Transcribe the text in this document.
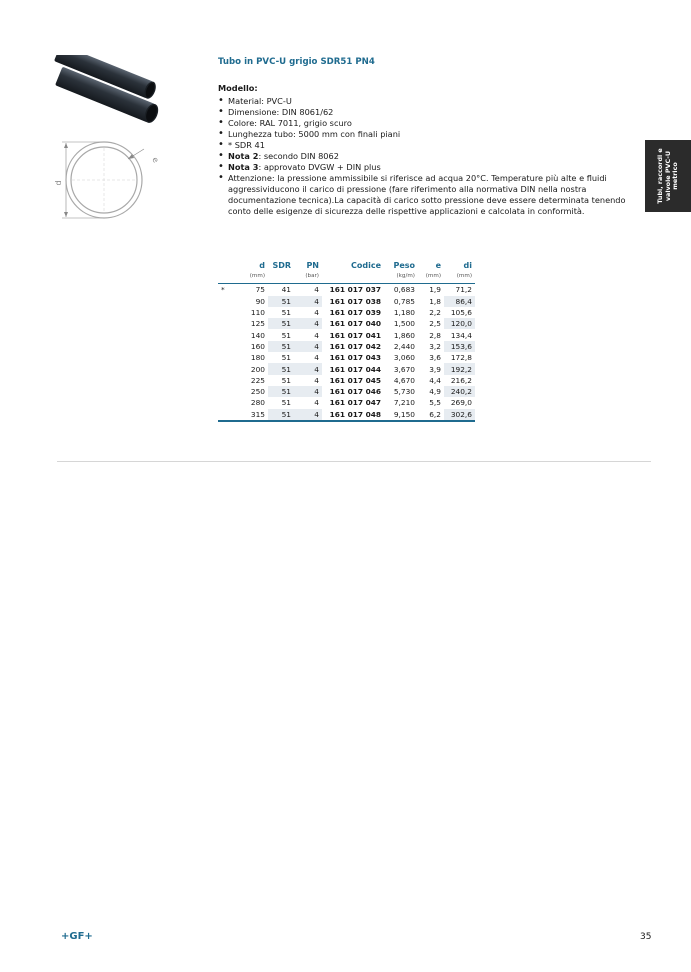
d
e
Tubo in PVC-U grigio SDR51 PN4
Modello:
• Material: PVC-U
• Dimensione: DIN 8061/62
• Colore: RAL 7011, grigio scuro
• Lunghezza tubo: 5000 mm con finali piani
• * SDR 41
• Nota 2: secondo DIN 8062
• Nota 3: approvato DVGW + DIN plus
• Attenzione: la pressione ammissibile si riferisce ad acqua 20°C. Temperature più alte e fluidi aggressividucono il carico di pressione (fare riferimento alla normativa DIN nella nostra documentazione tecnica).La capacità di carico sotto pressione deve essere determinata tenendo conto delle esigenze di sicurezza delle rispettive applicazioni e calcolata in conformità.
Tubi, raccordi e
valvole PVC-U
metrico
	d	SDR	PN	Codice	Peso	e	di
	(mm)		(bar)		(kg/m)	(mm)	(mm)
*	75	41	4	161 017 037	0,683	1,9	71,2
	90	51	4	161 017 038	0,785	1,8	86,4
	110	51	4	161 017 039	1,180	2,2	105,6
	125	51	4	161 017 040	1,500	2,5	120,0
	140	51	4	161 017 041	1,860	2,8	134,4
	160	51	4	161 017 042	2,440	3,2	153,6
	180	51	4	161 017 043	3,060	3,6	172,8
	200	51	4	161 017 044	3,670	3,9	192,2
	225	51	4	161 017 045	4,670	4,4	216,2
	250	51	4	161 017 046	5,730	4,9	240,2
	280	51	4	161 017 047	7,210	5,5	269,0
	315	51	4	161 017 048	9,150	6,2	302,6
+GF+	35
